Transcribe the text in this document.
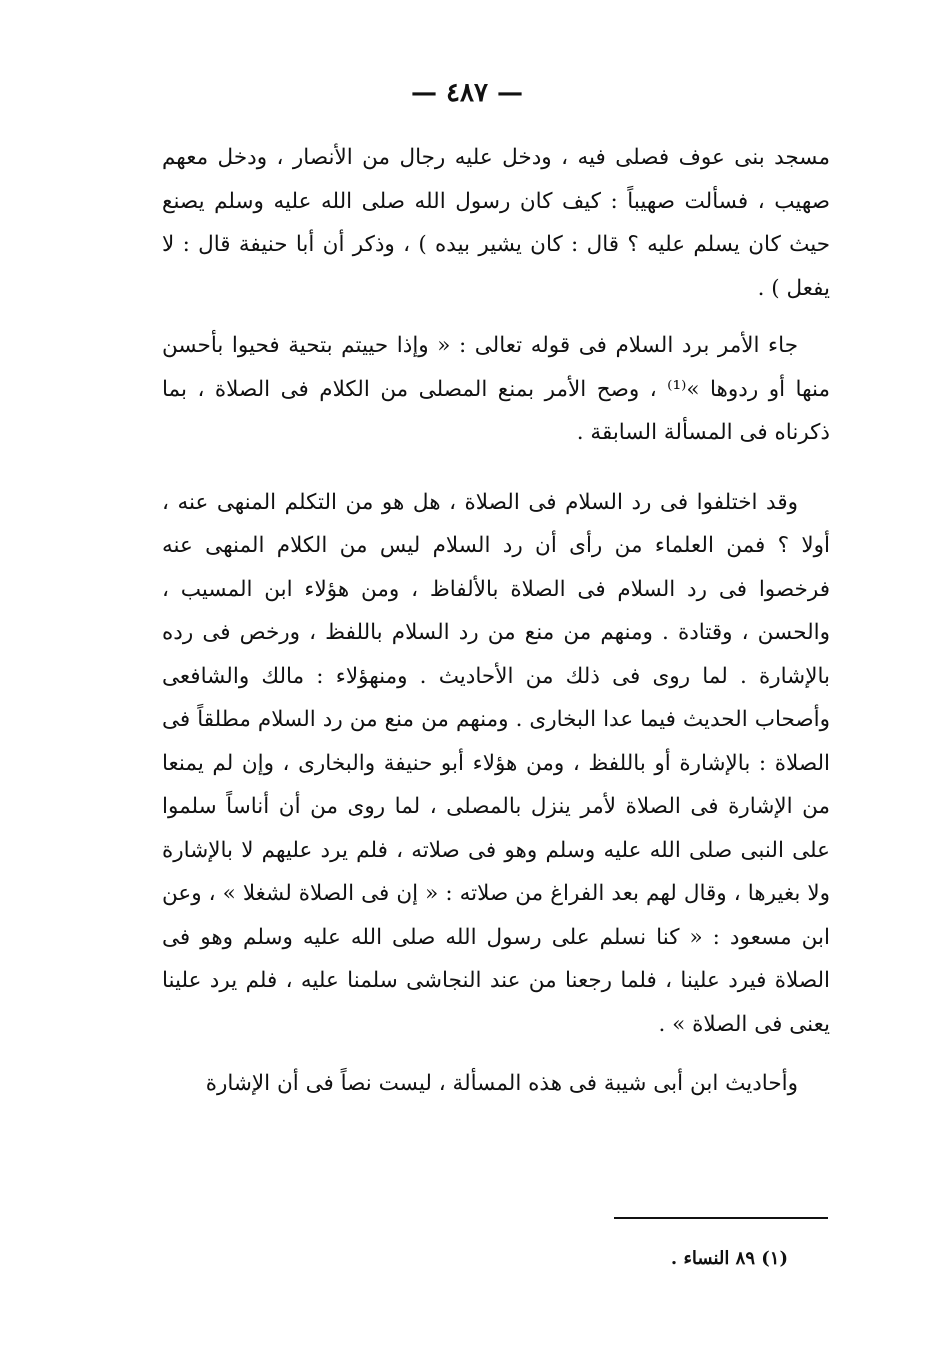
— ٤٨٧ —

مسجد بنى عوف فصلى فيه ، ودخل عليه رجال من الأنصار ، ودخل معهم صهيب ، فسألت صهيباً : كيف كان رسول الله صلى الله عليه وسلم يصنع حيث كان يسلم عليه ؟ قال : كان يشير بيده ) ، وذكر أن أبا حنيفة قال : لا يفعل ) .

جاء الأمر برد السلام فى قوله تعالى : « وإذا حييتم بتحية فحيوا بأحسن منها أو ردوها »⁽¹⁾ ، وصح الأمر بمنع المصلى من الكلام فى الصلاة ، بما ذكرناه فى المسألة السابقة .

وقد اختلفوا فى رد السلام فى الصلاة ، هل هو من التكلم المنهى عنه ، أولا ؟ فمن العلماء من رأى أن رد السلام ليس من الكلام المنهى عنه فرخصوا فى رد السلام فى الصلاة بالألفاظ ، ومن هؤلاء ابن المسيب ، والحسن ، وقتادة . ومنهم من منع من رد السلام باللفظ ، ورخص فى رده بالإشارة . لما روى فى ذلك من الأحاديث . ومنهؤلاء : مالك والشافعى وأصحاب الحديث فيما عدا البخارى . ومنهم من منع من رد السلام مطلقاً فى الصلاة : بالإشارة أو باللفظ ، ومن هؤلاء أبو حنيفة والبخارى ، وإن لم يمنعا من الإشارة فى الصلاة لأمر ينزل بالمصلى ، لما روى من أن أناساً سلموا على النبى صلى الله عليه وسلم وهو فى صلاته ، فلم يرد عليهم لا بالإشارة ولا بغيرها ، وقال لهم بعد الفراغ من صلاته : « إن فى الصلاة لشغلا » ، وعن ابن مسعود : « كنا نسلم على رسول الله صلى الله عليه وسلم وهو فى الصلاة فيرد علينا ، فلما رجعنا من عند النجاشى سلمنا عليه ، فلم يرد علينا يعنى فى الصلاة » .

وأحاديث ابن أبى شيبة فى هذه المسألة ، ليست نصاً فى أن الإشارة

(١) ٨٩ النساء .
